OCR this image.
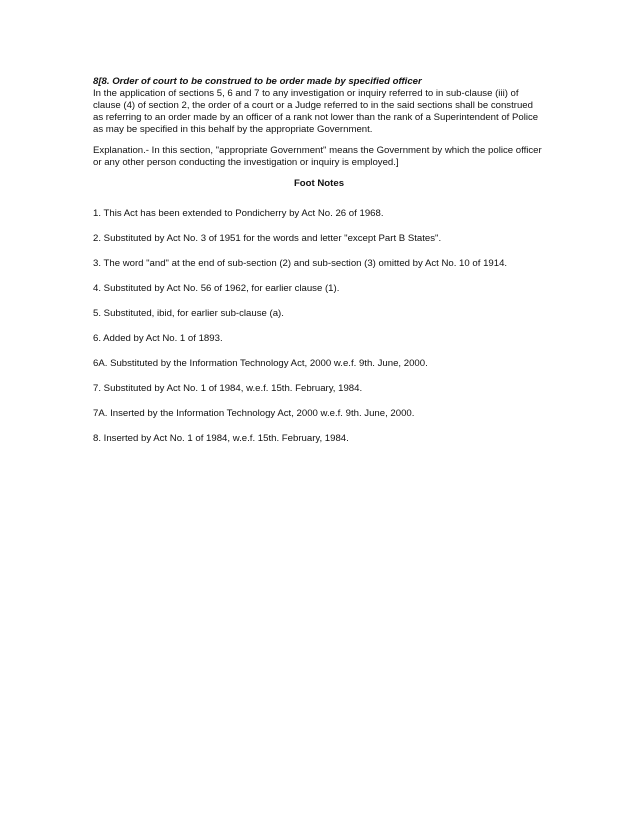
8[8. Order of court to be construed to be order made by specified officer

In the application of sections 5, 6 and 7 to any investigation or inquiry referred to in sub-clause (iii) of clause (4) of section 2, the order of a court or a Judge referred to in the said sections shall be construed as referring to an order made by an officer of a rank not lower than the rank of a Superintendent of Police as may be specified in this behalf by the appropriate Government.

Explanation.- In this section, "appropriate Government" means the Government by which the police officer or any other person conducting the investigation or inquiry is employed.]

Foot Notes
1. This Act has been extended to Pondicherry by Act No. 26 of 1968.
2. Substituted by Act No. 3 of 1951 for the words and letter "except Part B States".
3. The word "and" at the end of sub-section (2) and sub-section (3) omitted by Act No. 10 of 1914.
4. Substituted by Act No. 56 of 1962, for earlier clause (1).
5. Substituted, ibid, for earlier sub-clause (a).
6. Added by Act No. 1 of 1893.
6A. Substituted by the Information Technology Act, 2000 w.e.f. 9th. June, 2000.
7. Substituted by Act No. 1 of 1984, w.e.f. 15th. February, 1984.
7A. Inserted by the Information Technology Act, 2000 w.e.f. 9th. June, 2000.
8. Inserted by Act No. 1 of 1984, w.e.f. 15th. February, 1984.
